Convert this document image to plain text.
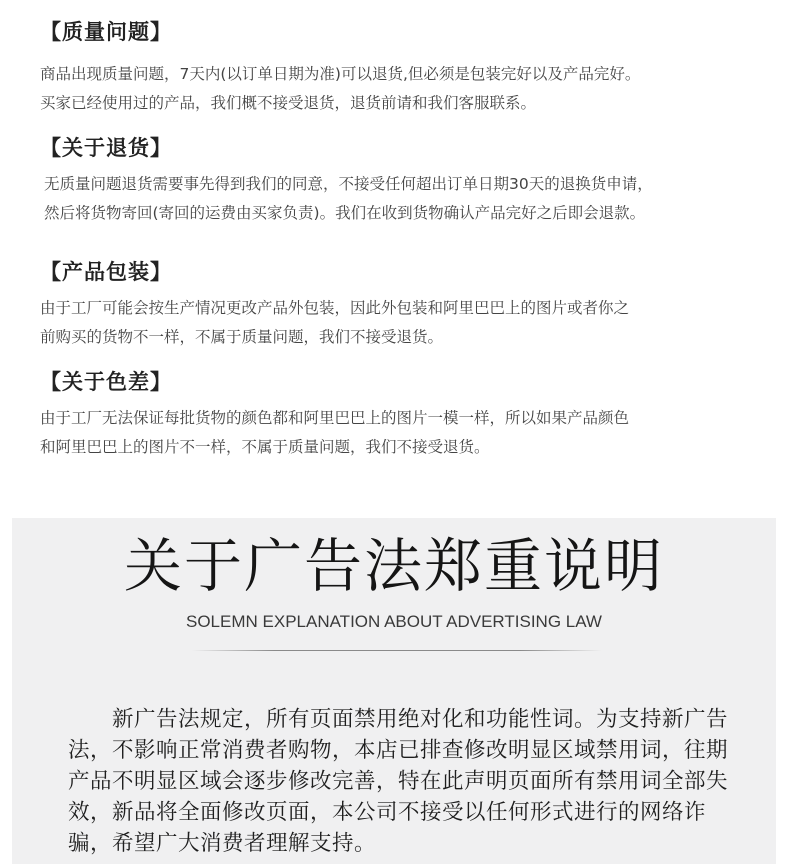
【质量问题】

商品出现质量问题，7天内(以订单日期为准)可以退货,但必须是包装完好以及产品完好。

买家已经使用过的产品，我们概不接受退货，退货前请和我们客服联系。

【关于退货】

无质量问题退货需要事先得到我们的同意，不接受任何超出订单日期30天的退换货申请，

然后将货物寄回(寄回的运费由买家负责)。我们在收到货物确认产品完好之后即会退款。

【产品包装】

由于工厂可能会按生产情况更改产品外包装，因此外包装和阿里巴巴上的图片或者你之

前购买的货物不一样，不属于质量问题，我们不接受退货。

【关于色差】

由于工厂无法保证每批货物的颜色都和阿里巴巴上的图片一模一样，所以如果产品颜色

和阿里巴巴上的图片不一样，不属于质量问题，我们不接受退货。

关于广告法郑重说明
SOLEMN EXPLANATION ABOUT ADVERTISING LAW

新广告法规定，所有页面禁用绝对化和功能性词。为支持新广告法，不影响正常消费者购物，本店已排查修改明显区域禁用词，往期产品不明显区域会逐步修改完善，特在此声明页面所有禁用词全部失效，新品将全面修改页面，本公司不接受以任何形式进行的网络诈骗，希望广大消费者理解支持。
